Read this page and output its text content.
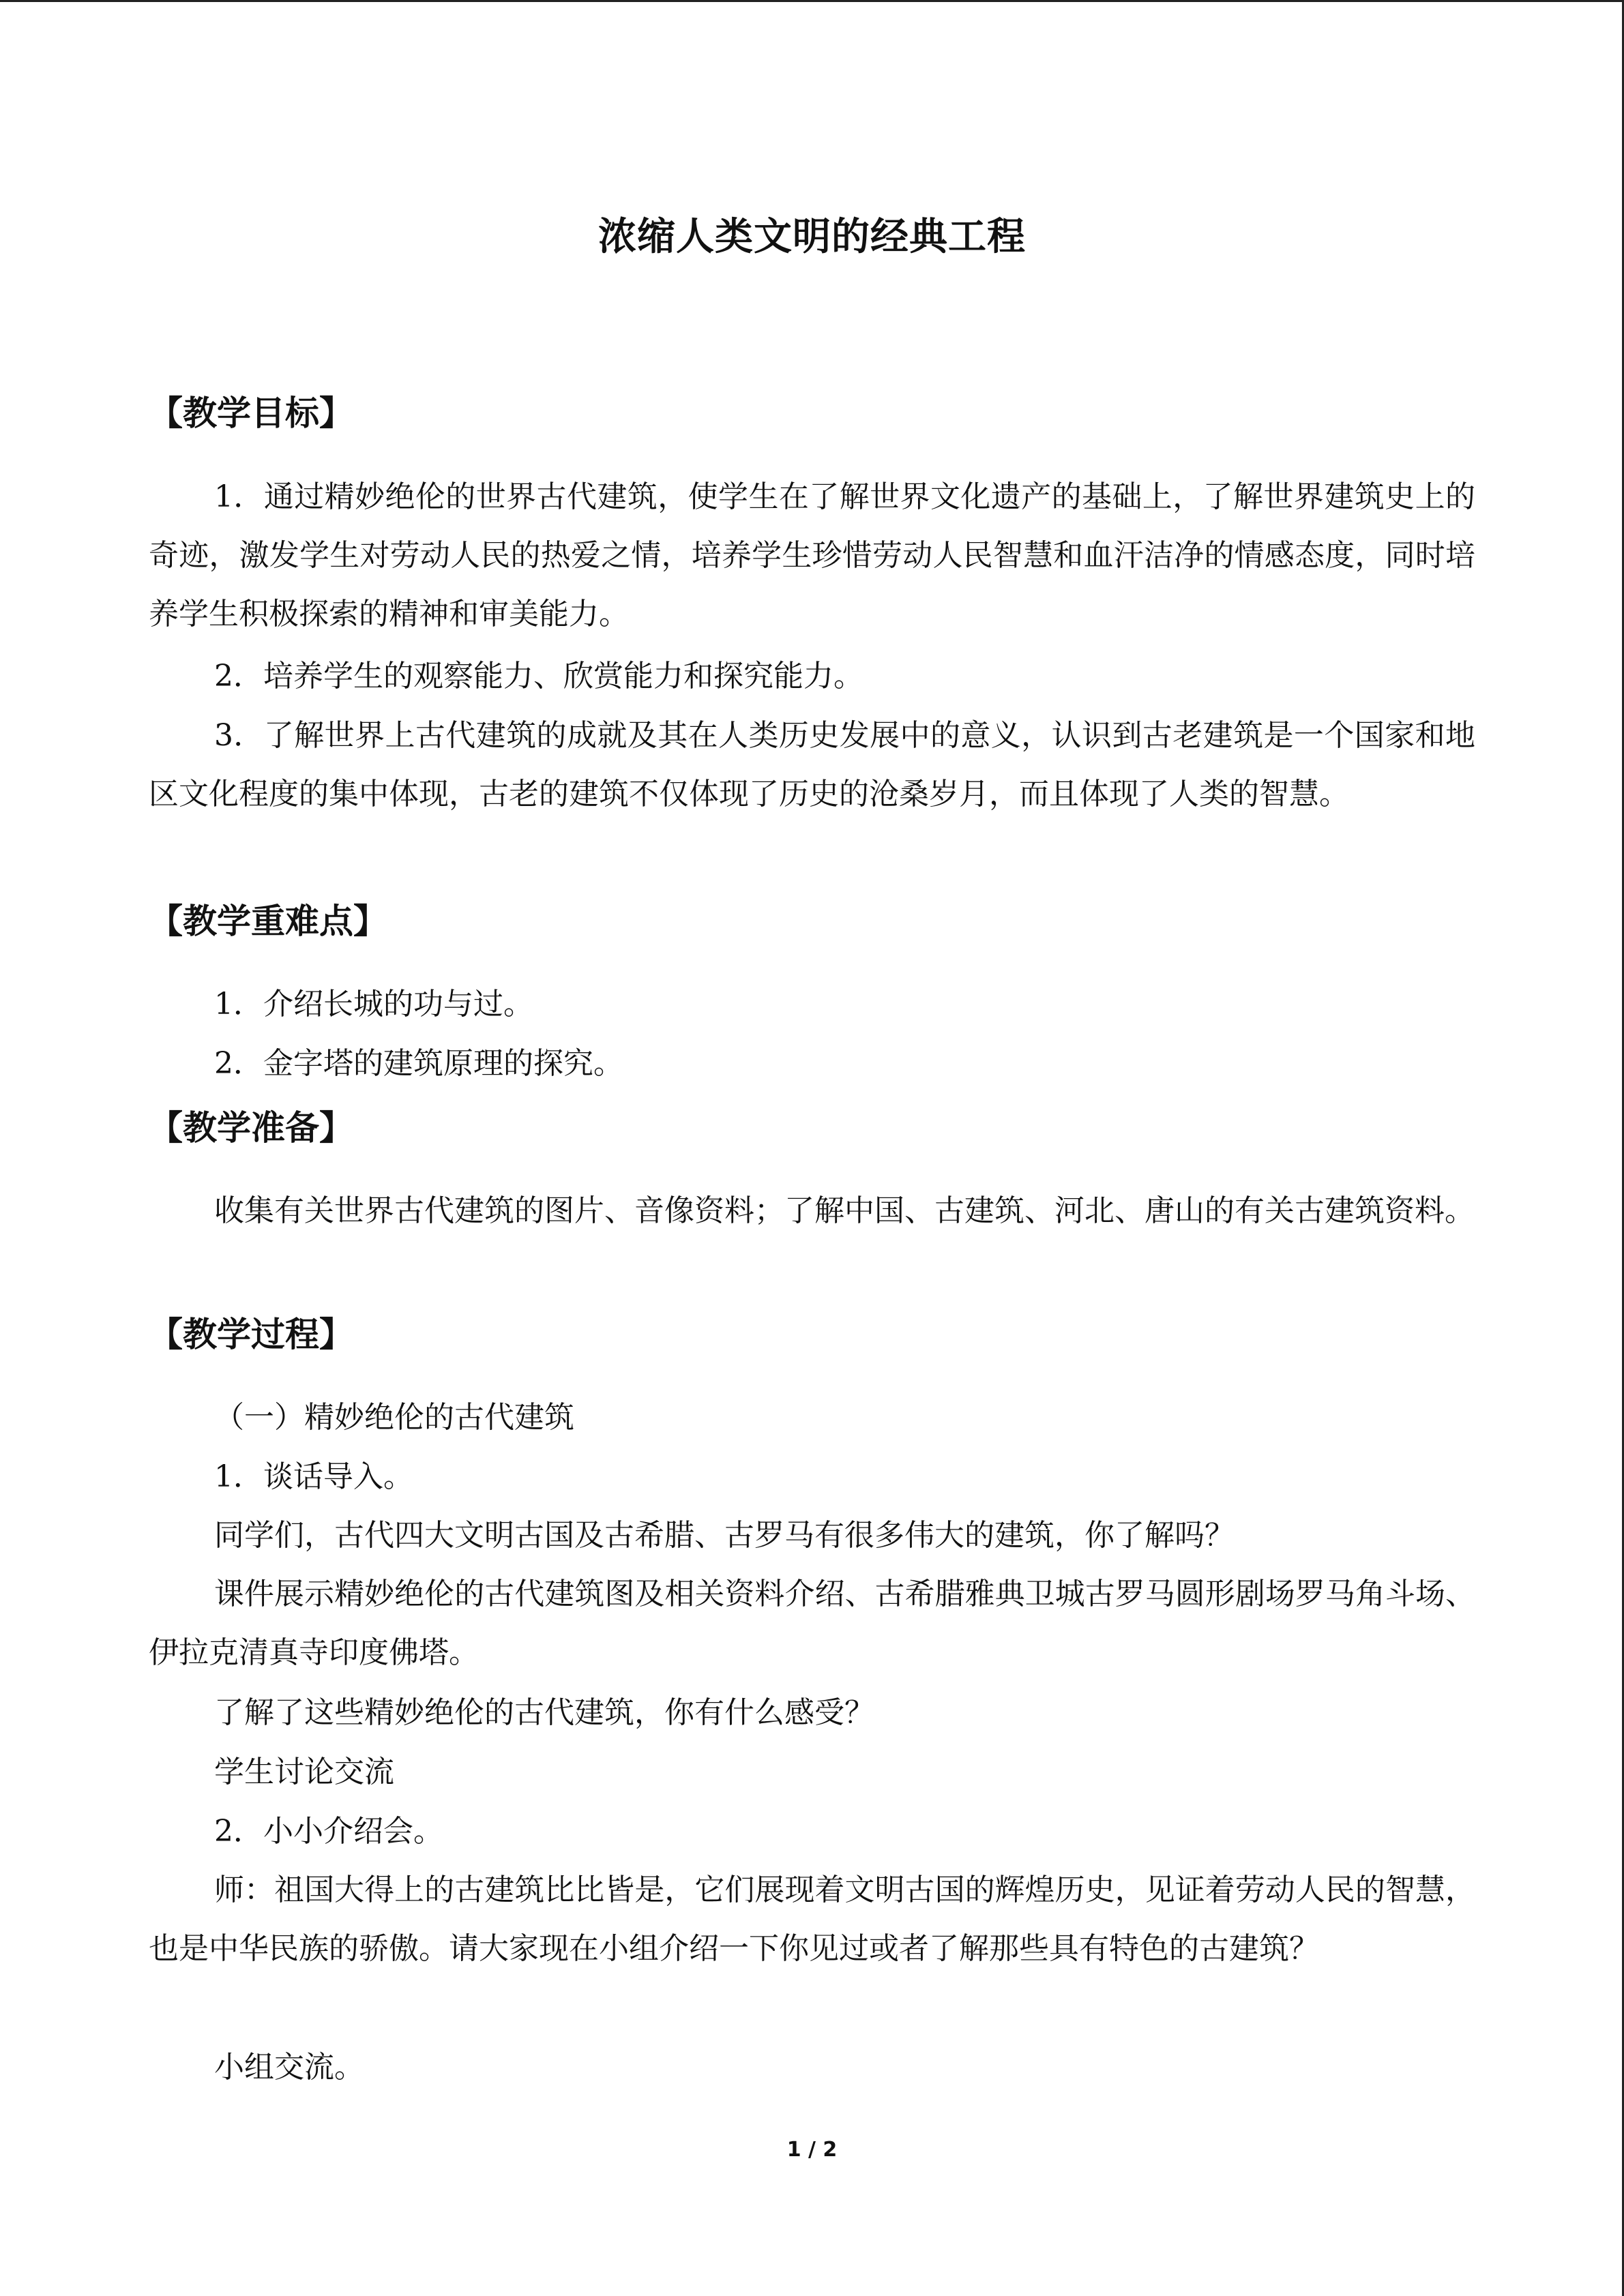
浓缩人类文明的经典工程
【教学目标】

1．通过精妙绝伦的世界古代建筑，使学生在了解世界文化遗产的基础上，了解世界建筑史上的奇迹，激发学生对劳动人民的热爱之情，培养学生珍惜劳动人民智慧和血汗洁净的情感态度，同时培养学生积极探索的精神和审美能力。

2．培养学生的观察能力、欣赏能力和探究能力。

3．了解世界上古代建筑的成就及其在人类历史发展中的意义，认识到古老建筑是一个国家和地区文化程度的集中体现，古老的建筑不仅体现了历史的沧桑岁月，而且体现了人类的智慧。

【教学重难点】

1．介绍长城的功与过。

2．金字塔的建筑原理的探究。

【教学准备】

收集有关世界古代建筑的图片、音像资料；了解中国、古建筑、河北、唐山的有关古建筑资料。

【教学过程】

（一）精妙绝伦的古代建筑

1．谈话导入。

同学们，古代四大文明古国及古希腊、古罗马有很多伟大的建筑，你了解吗？

课件展示精妙绝伦的古代建筑图及相关资料介绍、古希腊雅典卫城古罗马圆形剧场罗马角斗场、伊拉克清真寺印度佛塔。

了解了这些精妙绝伦的古代建筑，你有什么感受？

学生讨论交流

2．小小介绍会。

师：祖国大得上的古建筑比比皆是，它们展现着文明古国的辉煌历史，见证着劳动人民的智慧，也是中华民族的骄傲。请大家现在小组介绍一下你见过或者了解那些具有特色的古建筑？

小组交流。

1 / 2
